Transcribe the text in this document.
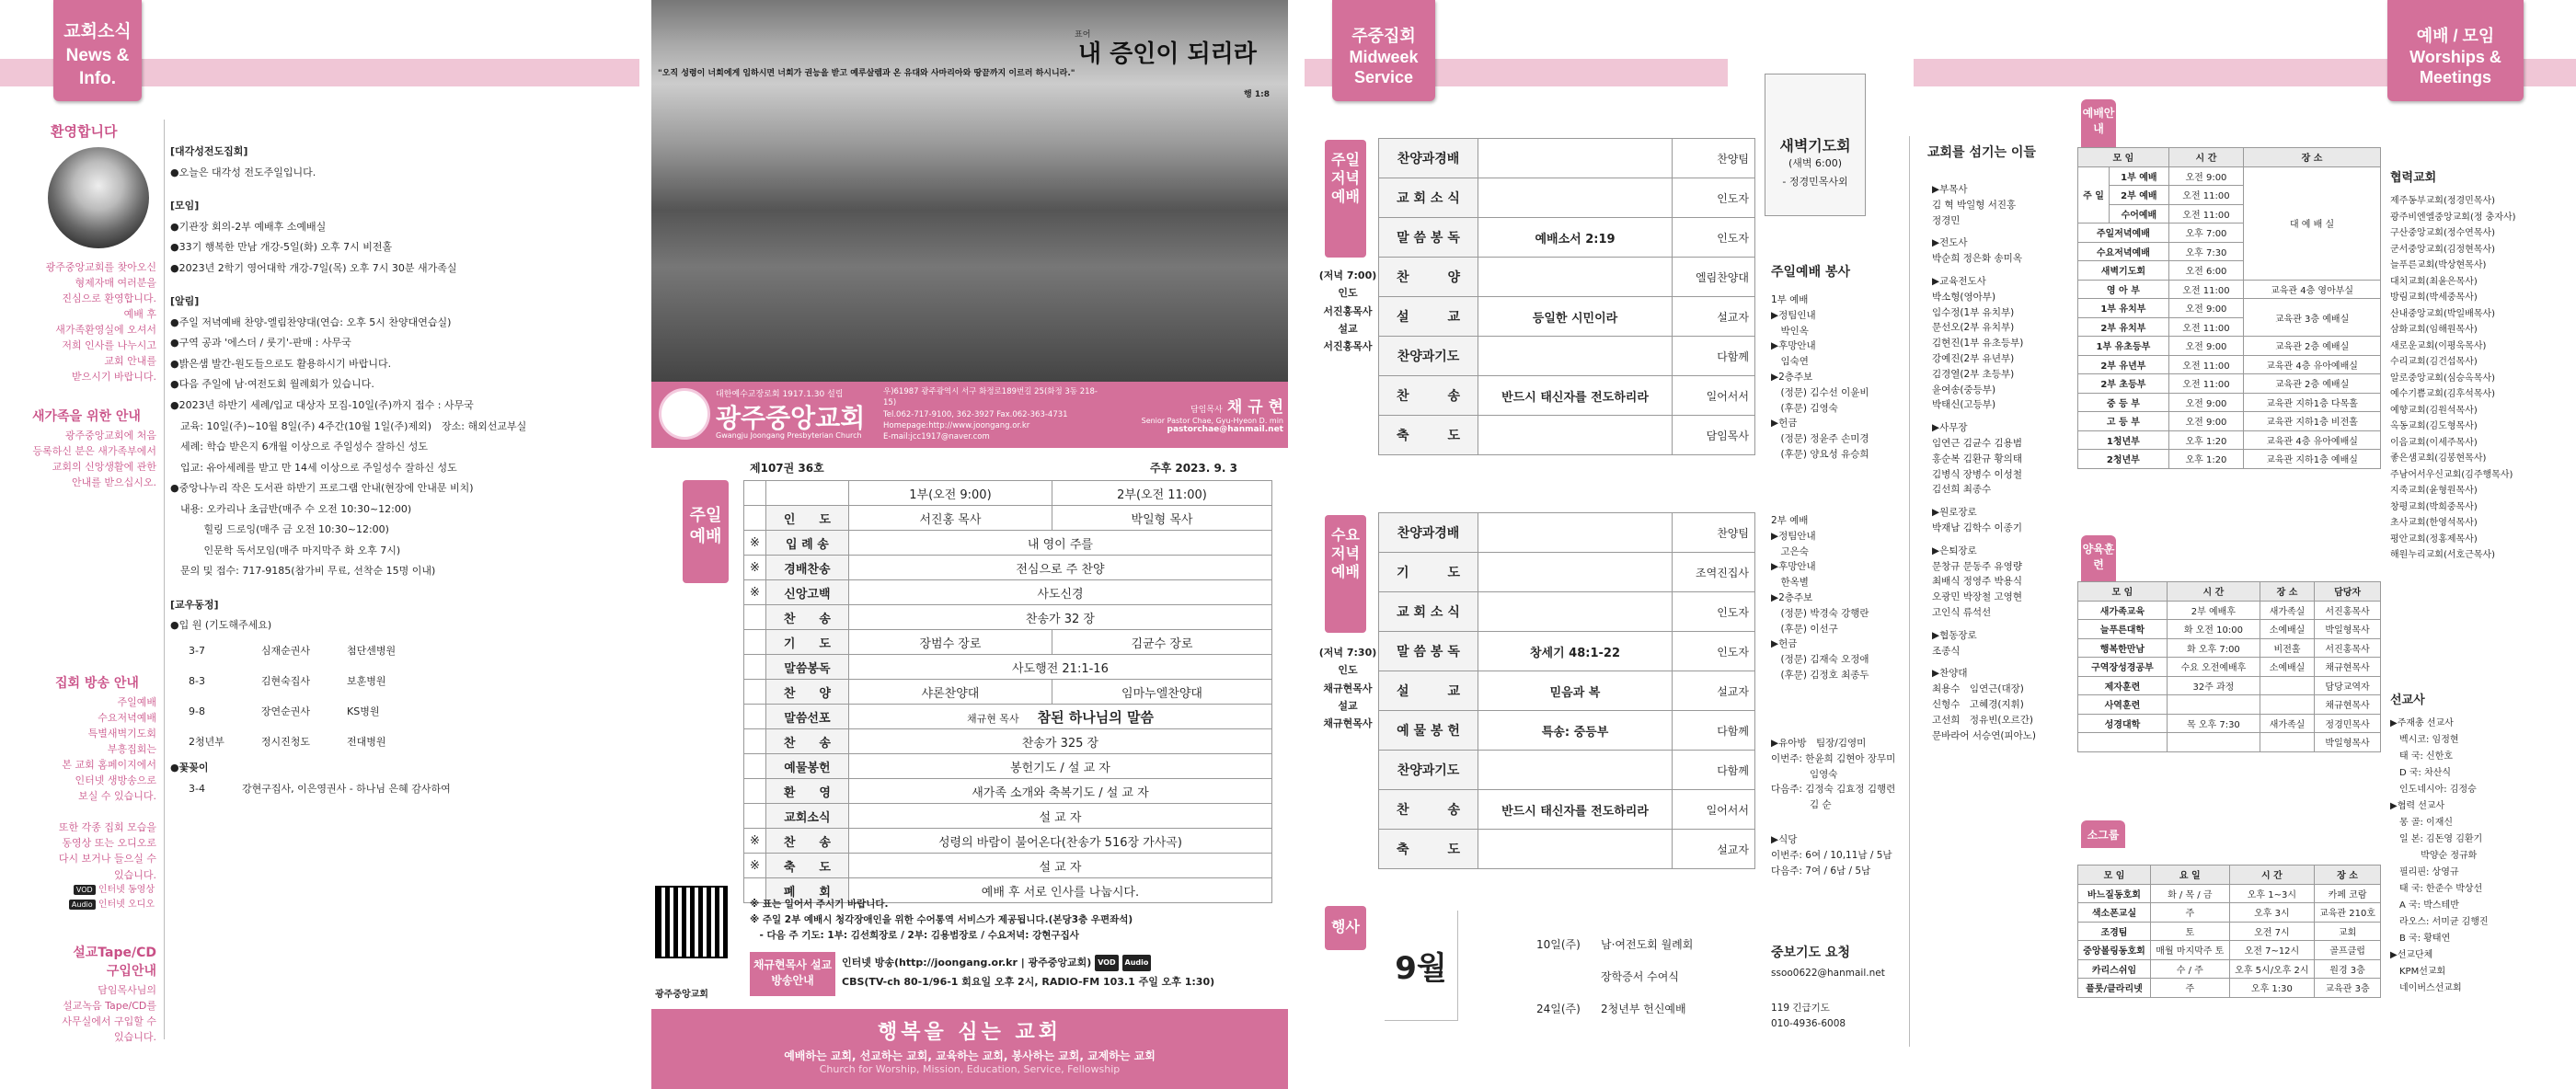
교회소식
News & Info.
환영합니다
광주중앙교회를 찾아오신
형제자매 여러분을
진심으로 환영합니다.
예배 후
새가족환영실에 오셔서
저희 인사를 나누시고
교회 안내를
받으시기 바랍니다.
새가족을 위한 안내
광주중앙교회에 처음
등록하신 분은 새가족부에서
교회의 신앙생활에 관한
안내를 받으십시오.
집회 방송 안내
주일예배
수요저녁예배
특별새벽기도회
부흥집회는
본 교회 홈페이지에서
인터넷 생방송으로
보실 수 있습니다.

또한 각종 집회 모습을
동영상 또는 오디오로
다시 보거나 들으실 수
있습니다.
VOD 인터넷 동영상
Audio 인터넷 오디오
설교Tape/CD 구입안내
담임목사님의
설교녹음 Tape/CD를
사무실에서 구입할 수
있습니다.
[대각성전도집회]
●오늘은 대각성 전도주일입니다.
[모임]
●기관장 회의-2부 예배후 소예배실
●33기 행복한 만남 개강-5일(화) 오후 7시 비전홀
●2023년 2학기 영어대학 개강-7일(목) 오후 7시 30분 새가족실
[알림]
●주일 저녁예배 찬양-엘림찬양대(연습: 오후 5시 찬양대연습실)
●구역 공과 '에스더 / 룻기'-판매 : 사무국
●밝은샘 발간-원도들으로도 활용하시기 바랍니다.
●다음 주일에 남·여전도회 월례회가 있습니다.
●2023년 하반기 세례/입교 대상자 모집-10일(주)까지 접수 : 사무국
　교육: 10일(주)~10월 8일(주) 4주간(10월 1일(주)제외)　장소: 해외선교부실
　세례: 학습 받은지 6개월 이상으로 주일성수 잘하신 성도
　입교: 유아세례를 받고 만 14세 이상으로 주일성수 잘하신 성도
●중앙나누리 작은 도서관 하반기 프로그램 안내(현장에 안내문 비치)
　내용: 오카리나 초급반(매주 수 오전 10:30~12:00)
　　　 힐링 드로잉(매주 금 오전 10:30~12:00)
　　　 인문학 독서모임(매주 마지막주 화 오후 7시)
　문의 및 접수: 717-9185(참가비 무료, 선착순 15명 이내)
[교우동정]
●입 원 (기도해주세요)
3-7	심재순권사	첨단센병원
8-3	김현숙집사	보훈병원
9-8	장연순권사	KS병원
2청년부	정시진청도	전대병원
●꽃꽂이
3-4	강현구집사, 이은영권사 - 하나님 은혜 감사하여
"오직 성령이 너희에게 임하시면 너희가 권능을 받고 예루살렘과 온 유대와 사마리아와 땅끝까지 이르러 하시니라."
표어
내 증인이 되리라
행 1:8
대한예수교장로회 1917.1.30 설립
광주중앙교회
Gwangju Joongang Presbyterian Church
우)61987 광주광역시 서구 화정로189번길 25(화정 3동 218-15)
Tel.062-717-9100, 362-3927 Fax.062-363-4731
Homepage:http://www.joongang.or.kr
E-mail:jcc1917@naver.com
담임목사 채 규 현
Senior Pastor Chae, Gyu-Hyeon D. min
pastorchae@hanmail.net
제107권 36호	주후 2023. 9. 3
주일예배
		1부(오전 9:00)	2부(오전 11:00)
	인　　도	서진홍 목사	박일형 목사
※	입 례 송	내 영이 주를	
※	경배찬송	전심으로 주 찬양	
※	신앙고백	사도신경	
	찬　　송	찬송가 32 장	
	기　　도	장범수 장로	김균수 장로
	말씀봉독	사도행전 21:1-16	
	찬　　양	샤론찬양대	임마누엘찬양대
	말씀선포	채규현 목사 참된 하나님의 말씀	
	찬　　송	찬송가 325 장	
	예물봉헌	봉헌기도 / 설 교 자	
	환　　영	새가족 소개와 축복기도 / 설 교 자	
	교회소식	설 교 자	
※	찬　　송	성령의 바람이 불어온다(찬송가 516장 가사곡)	
※	축　　도	설 교 자	
	폐　　회	예배 후 서로 인사를 나눕시다.	
광주중앙교회
※ 표는 일어서 주시기 바랍니다.
※ 주일 2부 예배시 청각장애인을 위한 수어통역 서비스가 제공됩니다.(본당3층 우편좌석)
　- 다음 주 기도: 1부: 김선희장로 / 2부: 김용범장로 / 수요저녁: 강현구집사
채규현목사 설교방송안내
인터넷 방송(http://joongang.or.kr | 광주중앙교회) VOD Audio
CBS(TV-ch 80-1/96-1 회요일 오후 2시, RADIO-FM 103.1 주일 오후 1:30)
행복을 심는 교회
예배하는 교회, 선교하는 교회, 교육하는 교회, 봉사하는 교회, 교제하는 교회
Church for Worship, Mission, Education, Service, Fellowship
주중집회
Midweek
Service
주일저녁예배
(저녁 7:00)
인도
서진홍목사
설교
서진홍목사
찬양과경배		찬양팀
교 회 소 식		인도자
말 씀 봉 독	예배소서 2:19	인도자
찬　　　양		엘림찬양대
설　　　교	등일한 시민이라	설교자
찬양과기도		다함께
찬　　　송	반드시 태신자를 전도하리라	일어서서
축　　　도		담임목사
수요저녁예배
(저녁 7:30)
인도
채규현목사
설교
채규현목사
찬양과경배		찬양팀
기　　　도		조역진집사
교 회 소 식		인도자
말 씀 봉 독	창세기 48:1-22	인도자
설　　　교	믿음과 복	설교자
예 물 봉 헌	특송: 중등부	다함께
찬양과기도		다함께
찬　　　송	반드시 태신자를 전도하리라	일어서서
축　　　도		설교자
행사
9월
10일(주) 남·여전도회 월례회
장학증서 수여식
24일(주) 2청년부 헌신예배
새벽기도회
(새벽 6:00)
- 정경민목사외
주일예배 봉사
1부 예배
▶정팀인내
　박인옥
▶후망안내
　임숙연
▶2층주보
　(정문) 김수선 이윤비
　(후문) 김영숙
▶헌금
　(정문) 정윤주 손미경
　(후문) 양요성 유승희
2부 예배
▶정팀안내
　고은숙
▶후망안내
　한옥별
▶2층주보
　(정문) 박경숙 강행란
　(후문) 이선구
▶헌금
　(정문) 김재숙 오정애
　(후문) 김정호 최종두
▶유아방　팀장/김영미
이번주: 한윤희 김현아 장무미
　　　　임영숙
다음주: 김정숙 김효정 김행련
　　　　김 순
▶식당
이번주: 6여 / 10,11남 / 5남
다음주: 7여 / 6남 / 5남
중보기도 요청
ssoo0622@hanmail.net
119 긴급기도
010-4936-6008
교회를 섬기는 이들
▶부목사
김 혁 박일형 서진홍
정경민
▶전도사
박순희 정은화 송미옥
▶교육전도사
박소형(영아부)
임수정(1부 유치부)
문선오(2부 유치부)
김현진(1부 유초등부)
강예진(2부 유년부)
김경열(2부 초등부)
윤여송(중등부)
박태신(고등부)
▶사무장
임연근 김균수 김용범
홍순복 김환규 황의태
김병식 장병수 이성철
김선희 최종수
▶원로장로
박재남 김학수 이종기
▶은퇴장로
문창규 문동주 유영량
최배식 정영주 박용식
오광민 박장철 고영현
고인식 류석선
▶협동장로
조종식
▶찬양대
최용수　임연근(대장)
신형수　고혜경(지휘)
고선희　정유빈(오르간)
문바라어 서승연(피아노)
예배 / 모임
Worships &
Meetings
예배안내
모 임		시 간	장 소
주 일	1부 예배	오전 9:00	대 예 배 실
	2부 예배	오전 11:00	
	수어예배	오전 11:00	
주일저녁예배		오후 7:00	
수요저녁예배		오후 7:30	
새벽기도회		오전 6:00	
영 아 부		오전 11:00	교육관 4층 영아부실
1부 유치부		오전 9:00	교육관 3층 예배실
2부 유치부		오전 11:00	
1부 유초등부		오전 9:00	교육관 2층 예배실
2부 유년부		오전 11:00	교육관 4층 유아예배실
2부 초등부		오전 11:00	교육관 2층 예배실
중 등 부		오전 9:00	교육관 지하1층 다목홀
고 등 부		오전 9:00	교육관 지하1층 비전홀
1청년부		오후 1:20	교육관 4층 유아예배실
2청년부		오후 1:20	교육관 지하1층 예배실
양육훈련
모 임	시 간	장 소	담당자
새가족교육	2부 예배후	새가족실	서진홍목사
늘푸른대학	화 오전 10:00	소예배실	박일형목사
행복한만남	화 오후 7:00	비전홀	서진홍목사
구역장성경공부	수요 오전예배후	소예배실	채규현목사
제자훈련	32주 과정		담당교역자
사역훈련			채규현목사
성경대학	목 오후 7:30	새가족실	정경민목사
			박일형목사
소그룹
모 임	요 일	시 간	장 소
바느질동호회	화 / 목 / 금	오후 1~3시	카페 코람
색소폰교실	주	오후 3시	교육관 210호
조경팀	토	오전 7시	교회
중앙볼링동호회	매월 마지막주 토	오전 7~12시	골프클럽
카리스쉬임	수 / 주	오후 5시/오후 2시	원경 3층
플룻/클라리넷	주	오후 1:30	교육관 3층
협력교회
제주동부교회(정경민목사)
광주비엔엘중앙교회(정 충자사)
구산중앙교회(정수연목사)
군서중앙교회(김정현목사)
늘푸른교회(박상현목사)
대치교회(최윤은목사)
방림교회(박세중목사)
산내중앙교회(박일배목사)
삼화교회(임해원목사)
새로운교회(이평욱목사)
수리교회(김건섭목사)
알로중앙교회(심승옥목사)
예수기쁨교회(김후석목사)
예향교회(김원석목사)
옥동교회(김도형목사)
이음교회(이세주목사)
좋은샘교회(김봉현목사)
주남어서우신교회(김주행목사)
지죽교회(윤형원목사)
창평교회(박희중목사)
초사교회(한영석목사)
평안교회(정홍제목사)
해원누리교회(서호근목사)
선교사
▶주재총 선교사
　벡시코: 임정현
　태 국: 신한호
　D 국: 차산식
　인도네시아: 김정승
▶협력 선교사
　몽 골: 이재신
　일 본: 김돈영 김환기
　　　 박양순 정규화
　필리핀: 상영규
　태 국: 한준수 박상선
　A 국: 박스테반
　라오스: 서미균 김행진
　B 국: 황태연
▶선교단체
　KPM선교회
　네이버스선교회
